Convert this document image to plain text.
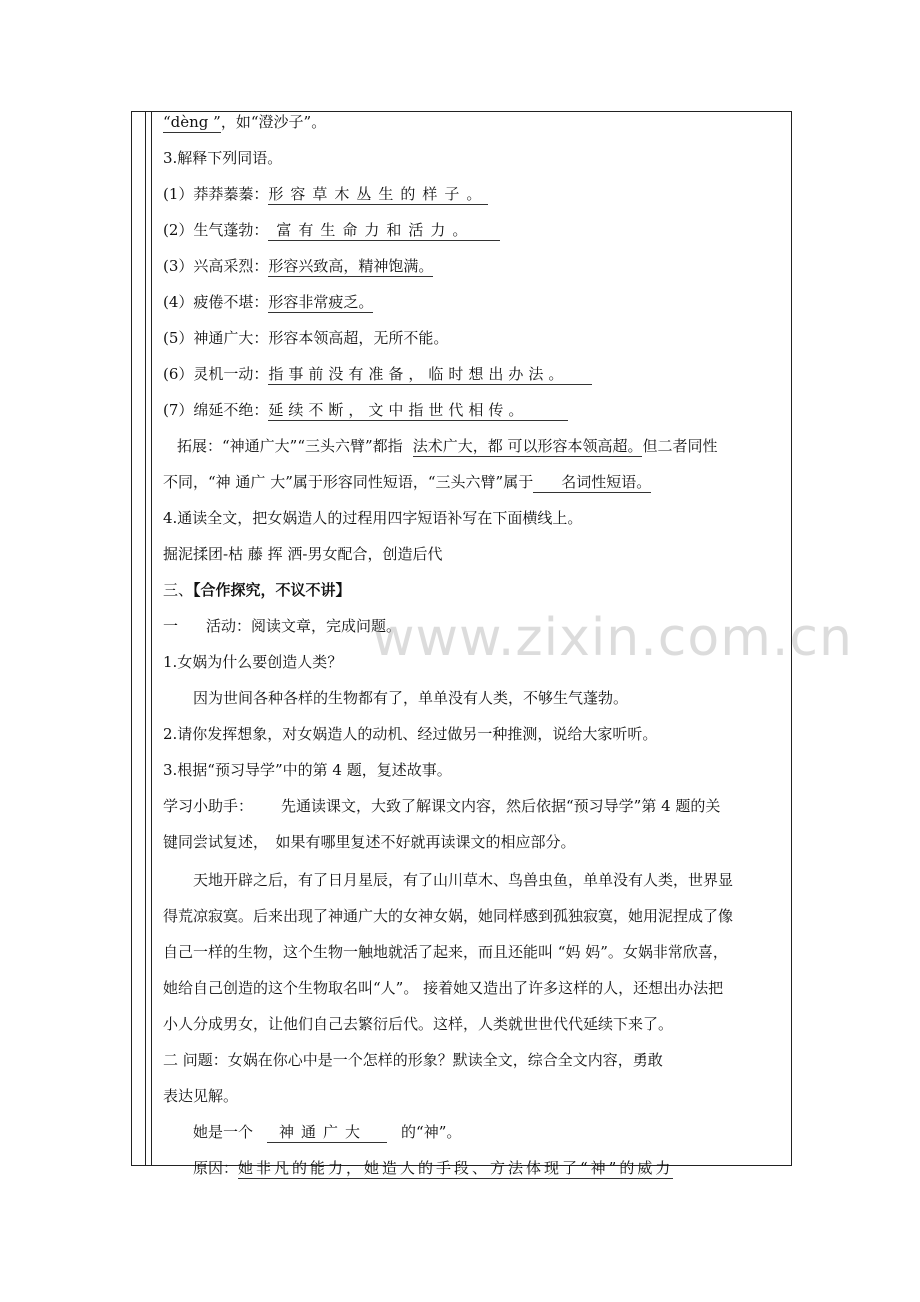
“dèng ”，如“澄沙子”。
3.解释下列同语。
(1）莽莽蓁蓁：形容草木丛生的样子。
(2）生气蓬勃： 富有生命力和活力。
(3）兴高采烈：形容兴致高，精神饱满。
(4）疲倦不堪：形容非常疲乏。
(5）神通广大：形容本领高超，无所不能。
(6）灵机一动：指事前没有准备，临时想出办法。
(7）绵延不绝：延续不断，文中指世代相传。
拓展：“神通广大”“三头六臂”都指 法术广大，都 可以形容本领高超。但二者同性
不同，“神 通广 大”属于形容同性短语，“三头六臂”属于 名词性短语。
4.通读全文，把女娲造人的过程用四字短语补写在下面横线上。
掘泥揉团-枯 藤 挥 洒-男女配合，创造后代
三、【合作探究，不议不讲】
一 活动：阅读文章，完成问题。
1.女娲为什么要创造人类？
因为世间各种各样的生物都有了，单单没有人类，不够生气蓬勃。
2.请你发挥想象，对女娲造人的动机、经过做另一种推测，说给大家听听。
3.根据“预习导学”中的第 4 题，复述故事。
学习小助手： 先通读课文，大致了解课文内容，然后依据“预习导学”第 4 题的关
键同尝试复述，　如果有哪里复述不好就再读课文的相应部分。
天地开辟之后，有了日月星辰，有了山川草木、鸟兽虫鱼，单单没有人类，世界显
得荒凉寂寞。后来出现了神通广大的女神女娲，她同样感到孤独寂寞，她用泥捏成了像
自己一样的生物，这个生物一触地就活了起来，而且还能叫 “妈 妈”。女娲非常欣喜，
她给自己创造的这个生物取名叫“人”。 接着她又造出了许多这样的人，还想出办法把
小人分成男女，让他们自己去繁衍后代。这样，人类就世世代代延续下来了。
二 问题：女娲在你心中是一个怎样的形象？默读全文，综合全文内容，勇敢
表达见解。
她是一个 神通广大 的“神”。
原因：她非凡的能力，她造人的手段、方法体现了“神”的威力
www.zixin.com.cn
